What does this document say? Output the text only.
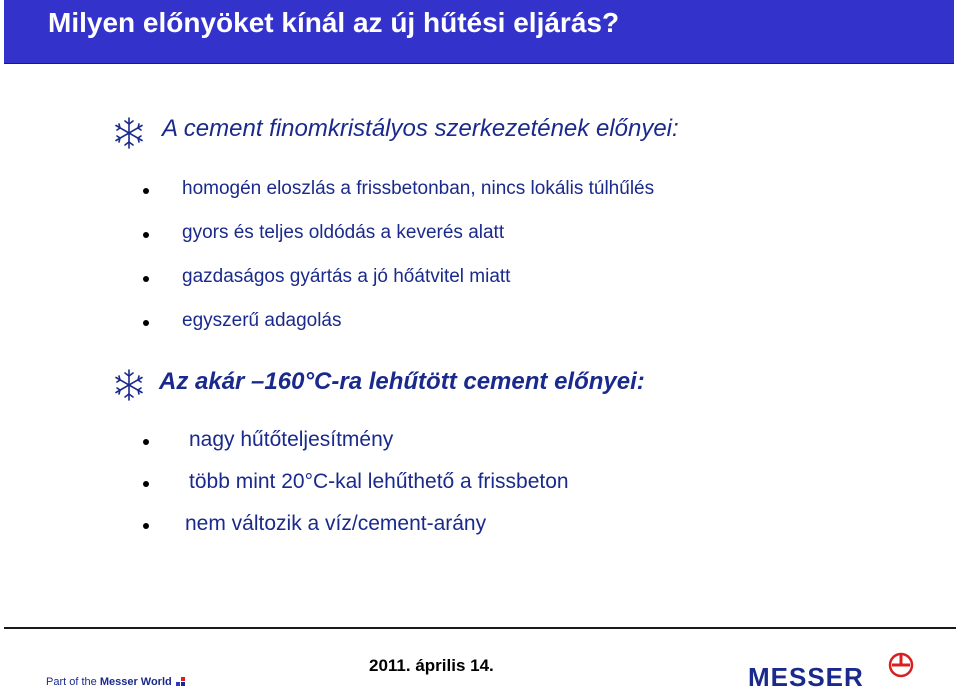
Milyen előnyöket kínál az új hűtési eljárás?
A cement finomkristályos szerkezetének előnyei:
homogén eloszlás a frissbetonban, nincs lokális túlhűlés
gyors és teljes oldódás a keverés alatt
gazdaságos gyártás a jó hőátvitel miatt
egyszerű adagolás
Az akár –160°C-ra lehűtött cement előnyei:
nagy hűtőteljesítmény
több mint 20°C-kal lehűthető a frissbeton
nem változik a víz/cement-arány
Part of the Messer World
2011. április 14.	MESSER
